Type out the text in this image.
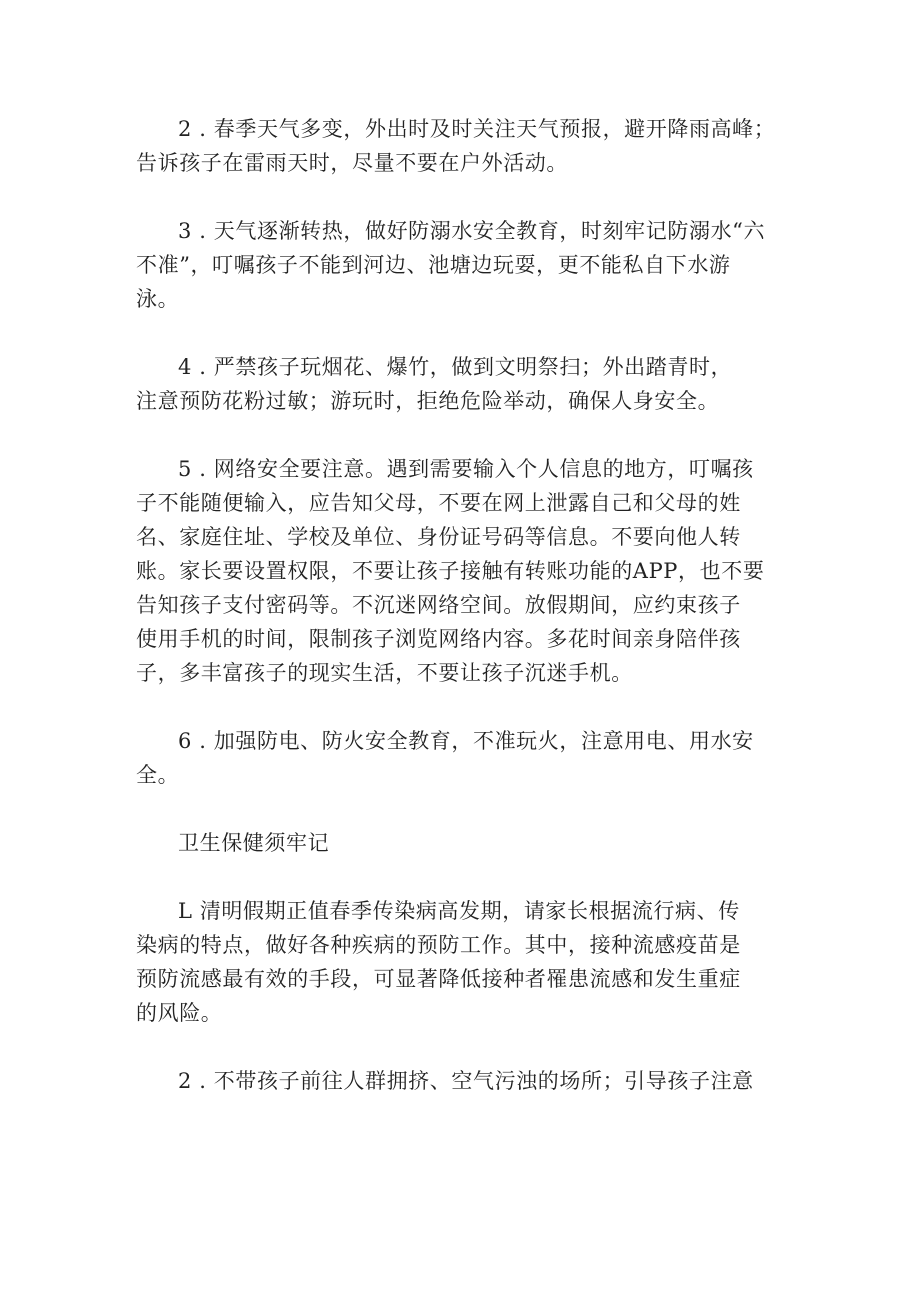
2 . 春季天气多变，外出时及时关注天气预报，避开降雨高峰；
告诉孩子在雷雨天时，尽量不要在户外活动。

3 . 天气逐渐转热，做好防溺水安全教育，时刻牢记防溺水“六
不准”，叮嘱孩子不能到河边、池塘边玩耍，更不能私自下水游
泳。

4 . 严禁孩子玩烟花、爆竹，做到文明祭扫；外出踏青时，
注意预防花粉过敏；游玩时，拒绝危险举动，确保人身安全。

5 . 网络安全要注意。遇到需要输入个人信息的地方，叮嘱孩
子不能随便输入，应告知父母，不要在网上泄露自己和父母的姓
名、家庭住址、学校及单位、身份证号码等信息。不要向他人转
账。家长要设置权限，不要让孩子接触有转账功能的APP，也不要
告知孩子支付密码等。不沉迷网络空间。放假期间，应约束孩子
使用手机的时间，限制孩子浏览网络内容。多花时间亲身陪伴孩
子，多丰富孩子的现实生活，不要让孩子沉迷手机。

6 . 加强防电、防火安全教育，不准玩火，注意用电、用水安
全。

卫生保健须牢记

L 清明假期正值春季传染病高发期，请家长根据流行病、传
染病的特点，做好各种疾病的预防工作。其中，接种流感疫苗是
预防流感最有效的手段，可显著降低接种者罹患流感和发生重症
的风险。

2 . 不带孩子前往人群拥挤、空气污浊的场所；引导孩子注意
